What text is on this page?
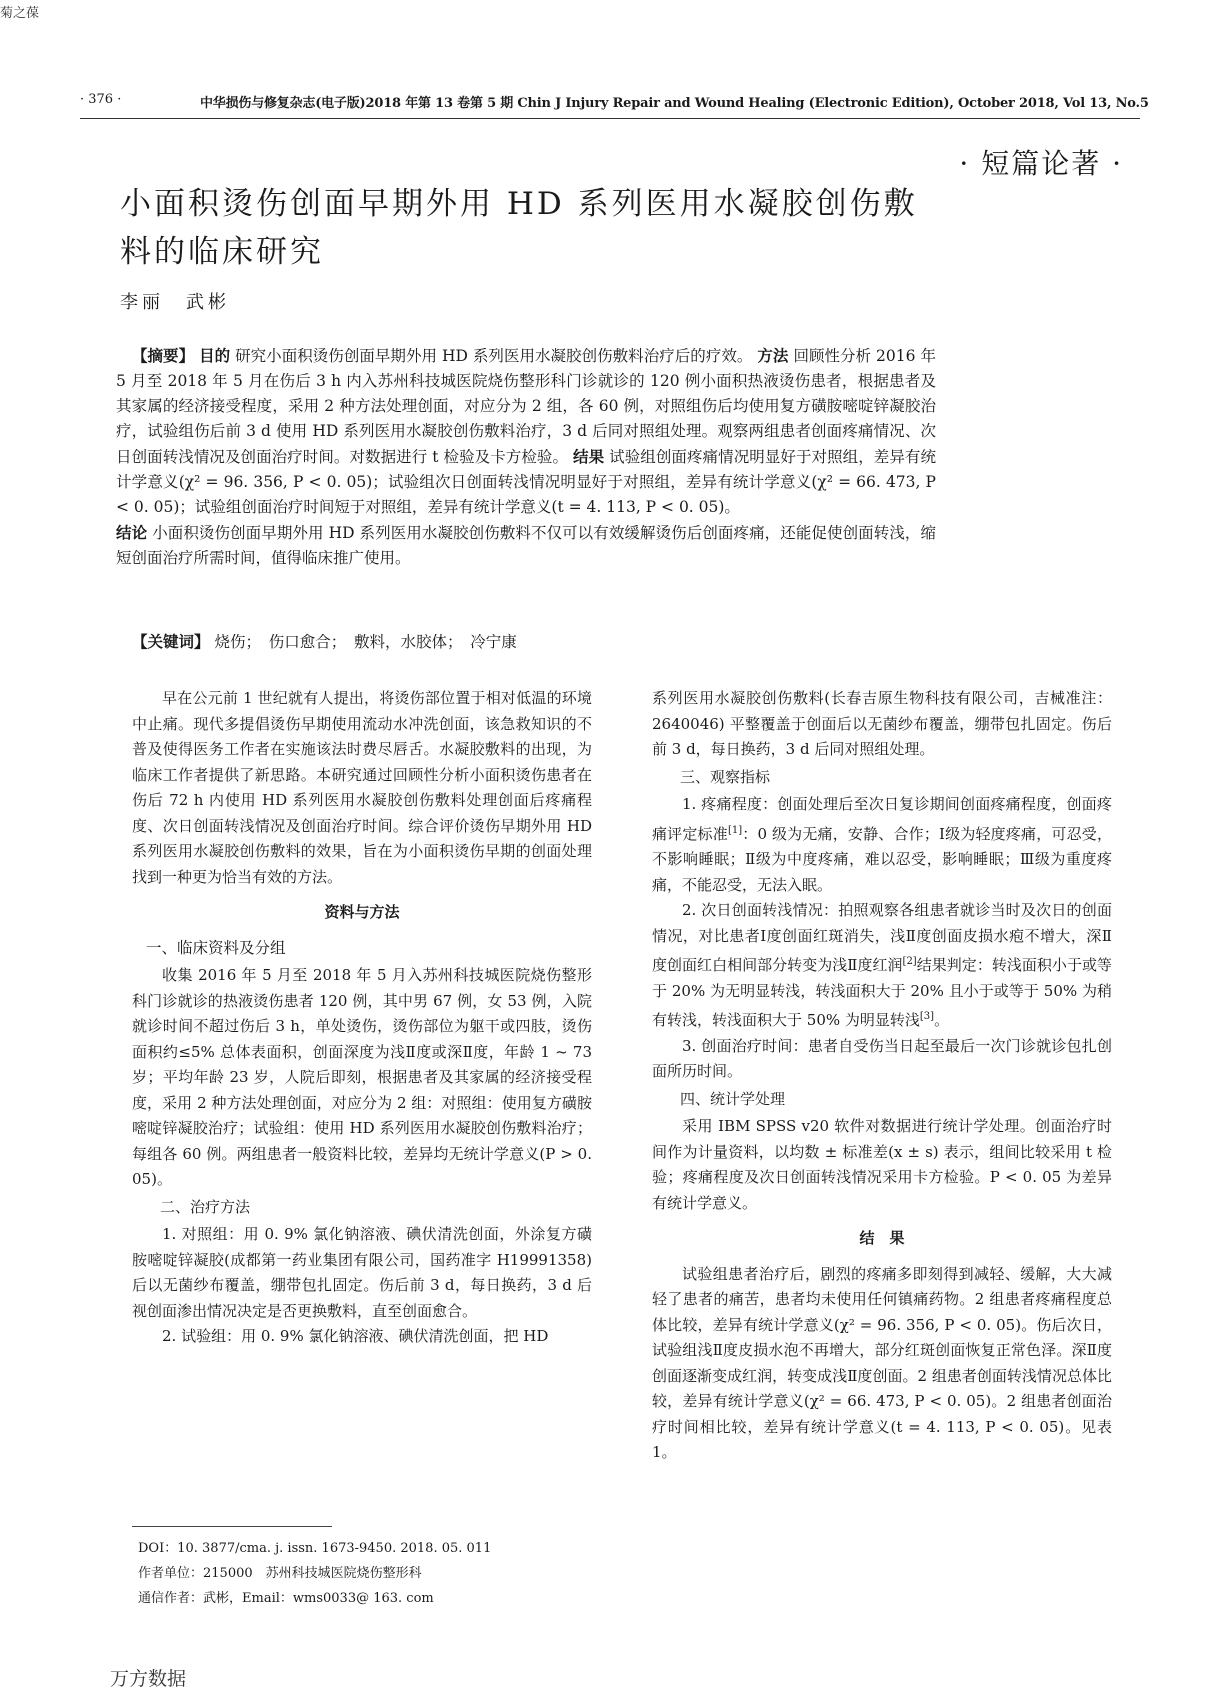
菊之葆
· 376 ·	中华损伤与修复杂志(电子版)2018 年第 13 卷第 5 期 Chin J Injury Repair and Wound Healing (Electronic Edition), October 2018, Vol 13, No.5
· 短篇论著 ·
小面积烫伤创面早期外用 HD 系列医用水凝胶创伤敷料的临床研究
李丽　武彬

【摘要】 目的 研究小面积烫伤创面早期外用 HD 系列医用水凝胶创伤敷料治疗后的疗效。 方法 回顾性分析 2016 年 5 月至 2018 年 5 月在伤后 3 h 内入苏州科技城医院烧伤整形科门诊就诊的 120 例小面积热液烫伤患者，根据患者及其家属的经济接受程度，采用 2 种方法处理创面，对应分为 2 组，各 60 例，对照组伤后均使用复方磺胺嘧啶锌凝胶治疗，试验组伤后前 3 d 使用 HD 系列医用水凝胶创伤敷料治疗，3 d 后同对照组处理。观察两组患者创面疼痛情况、次日创面转浅情况及创面治疗时间。对数据进行 t 检验及卡方检验。 结果 试验组创面疼痛情况明显好于对照组，差异有统计学意义(χ² = 96. 356, P < 0. 05)；试验组次日创面转浅情况明显好于对照组，差异有统计学意义(χ² = 66. 473, P < 0. 05)；试验组创面治疗时间短于对照组，差异有统计学意义(t = 4. 113, P < 0. 05)。

结论 小面积烫伤创面早期外用 HD 系列医用水凝胶创伤敷料不仅可以有效缓解烫伤后创面疼痛，还能促使创面转浅，缩短创面治疗所需时间，值得临床推广使用。

【关键词】 烧伤；　伤口愈合；　敷料，水胶体；　冷宁康

早在公元前 1 世纪就有人提出，将烫伤部位置于相对低温的环境中止痛。现代多提倡烫伤早期使用流动水冲洗创面，该急救知识的不普及使得医务工作者在实施该法时费尽唇舌。水凝胶敷料的出现，为临床工作者提供了新思路。本研究通过回顾性分析小面积烫伤患者在伤后 72 h 内使用 HD 系列医用水凝胶创伤敷料处理创面后疼痛程度、次日创面转浅情况及创面治疗时间。综合评价烫伤早期外用 HD 系列医用水凝胶创伤敷料的效果，旨在为小面积烫伤早期的创面处理找到一种更为恰当有效的方法。

资料与方法
一、临床资料及分组

收集 2016 年 5 月至 2018 年 5 月入苏州科技城医院烧伤整形科门诊就诊的热液烫伤患者 120 例，其中男 67 例，女 53 例，入院就诊时间不超过伤后 3 h，单处烫伤，烫伤部位为躯干或四肢，烫伤面积约≤5% 总体表面积，创面深度为浅Ⅱ度或深Ⅱ度，年龄 1 ~ 73 岁；平均年龄 23 岁，人院后即刻，根据患者及其家属的经济接受程度，采用 2 种方法处理创面，对应分为 2 组：对照组：使用复方磺胺嘧啶锌凝胶治疗；试验组：使用 HD 系列医用水凝胶创伤敷料治疗；每组各 60 例。两组患者一般资料比较，差异均无统计学意义(P > 0. 05)。

二、治疗方法

1. 对照组：用 0. 9% 氯化钠溶液、碘伏清洗创面，外涂复方磺胺嘧啶锌凝胶(成都第一药业集团有限公司，国药准字 H19991358) 后以无菌纱布覆盖，绷带包扎固定。伤后前 3 d，每日换药，3 d 后视创面渗出情况决定是否更换敷料，直至创面愈合。

2. 试验组：用 0. 9% 氯化钠溶液、碘伏清洗创面，把 HD

系列医用水凝胶创伤敷料(长春吉原生物科技有限公司，吉械准注：2640046) 平整覆盖于创面后以无菌纱布覆盖，绷带包扎固定。伤后前 3 d，每日换药，3 d 后同对照组处理。

三、观察指标

1. 疼痛程度：创面处理后至次日复诊期间创面疼痛程度，创面疼痛评定标准[1]：0 级为无痛，安静、合作；Ⅰ级为轻度疼痛，可忍受，不影响睡眠；Ⅱ级为中度疼痛，难以忍受，影响睡眠；Ⅲ级为重度疼痛，不能忍受，无法入眠。

2. 次日创面转浅情况：拍照观察各组患者就诊当时及次日的创面情况，对比患者Ⅰ度创面红斑消失，浅Ⅱ度创面皮损水疱不增大，深Ⅱ度创面红白相间部分转变为浅Ⅱ度红润[2]结果判定：转浅面积小于或等于 20% 为无明显转浅，转浅面积大于 20% 且小于或等于 50% 为稍有转浅，转浅面积大于 50% 为明显转浅[3]。

3. 创面治疗时间：患者自受伤当日起至最后一次门诊就诊包扎创面所历时间。

四、统计学处理

采用 IBM SPSS v20 软件对数据进行统计学处理。创面治疗时间作为计量资料，以均数 ± 标准差(x ± s) 表示，组间比较采用 t 检验；疼痛程度及次日创面转浅情况采用卡方检验。P < 0. 05 为差异有统计学意义。

结　果

试验组患者治疗后，剧烈的疼痛多即刻得到减轻、缓解，大大减轻了患者的痛苦，患者均未使用任何镇痛药物。2 组患者疼痛程度总体比较，差异有统计学意义(χ² = 96. 356, P < 0. 05)。伤后次日，试验组浅Ⅱ度皮损水泡不再增大，部分红斑创面恢复正常色泽。深Ⅱ度创面逐渐变成红润，转变成浅Ⅱ度创面。2 组患者创面转浅情况总体比较，差异有统计学意义(χ² = 66. 473, P < 0. 05)。2 组患者创面治疗时间相比较，差异有统计学意义(t = 4. 113, P < 0. 05)。见表 1。

DOI：10. 3877/cma. j. issn. 1673-9450. 2018. 05. 011

作者单位：215000　苏州科技城医院烧伤整形科

通信作者：武彬，Email：wms0033@ 163. com

万方数据
